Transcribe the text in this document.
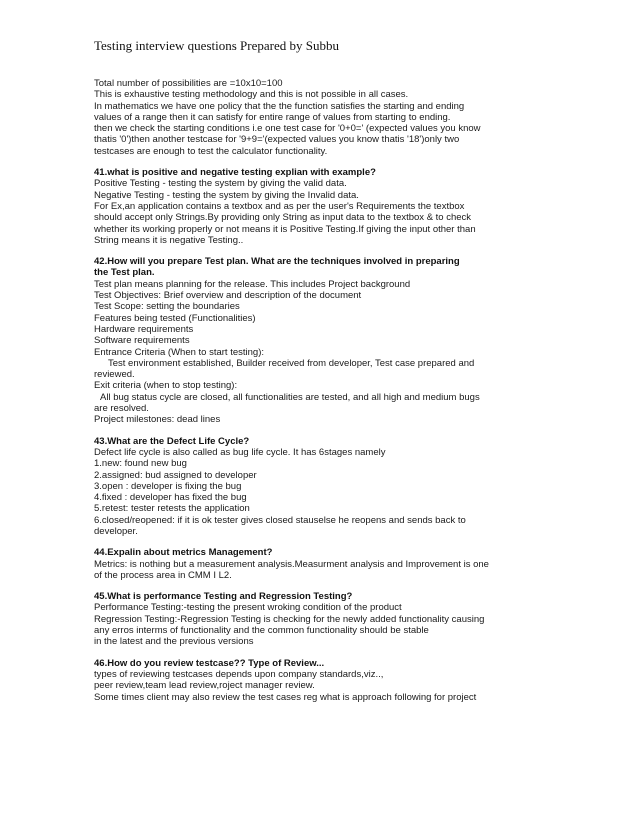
Testing interview questions Prepared by Subbu
Total number of possibilities are =10x10=100
This is exhaustive testing methodology and this is not possible in all cases.
In mathematics we have one policy that the the function satisfies the starting and ending
values of a range then it can satisfy for entire range of values from starting to ending.
then we check the starting conditions i.e one test case for '0+0=' (expected values you know
thatis '0')then another testcase for '9+9='(expected values you know thatis '18')only two
testcases are enough to test the calculator functionality.
41.what is positive and negative testing explian with example?
Positive Testing - testing the system by giving the valid data.
Negative Testing - testing the system by giving the Invalid data.
For Ex,an application contains a textbox and as per the user's Requirements the textbox
should accept only Strings.By providing only String as input data to the textbox & to check
whether its working properly or not means it is Positive Testing.If giving the input other than
String means it is negative Testing..
42.How will you prepare Test plan. What are the techniques involved in preparing
the Test plan.
Test plan means planning for the release. This includes Project background
Test Objectives: Brief overview and description of the document
Test Scope: setting the boundaries
Features being tested (Functionalities)
Hardware requirements
Software requirements
Entrance Criteria (When to start testing):
Test environment established, Builder received from developer, Test case prepared and
reviewed.
Exit criteria (when to stop testing):
All bug status cycle are closed, all functionalities are tested, and all high and medium bugs
are resolved.
Project milestones: dead lines
43.What are the Defect Life Cycle?
Defect life cycle is also called as bug life cycle. It has 6stages namely
1.new: found new bug
2.assigned: bud assigned to developer
3.open : developer is fixing the bug
4.fixed : developer has fixed the bug
5.retest: tester retests the application
6.closed/reopened: if it is ok tester gives closed stauselse he reopens and sends back to
developer.
44.Expalin about metrics Management?
Metrics: is nothing but a measurement analysis.Measurment analysis and Improvement is one
of the process area in CMM I L2.
45.What is performance Testing and Regression Testing?
Performance Testing:-testing the present wroking condition of the product
Regression Testing:-Regression Testing is checking for the newly added functionality causing
any erros interms of functionality and the common functionality should be stable
in the latest and the previous versions
46.How do you review testcase?? Type of Review...
types of reviewing testcases depends upon company standards,viz..,
peer review,team lead review,roject manager review.
Some times client may also review the test cases reg what is approach following for project
